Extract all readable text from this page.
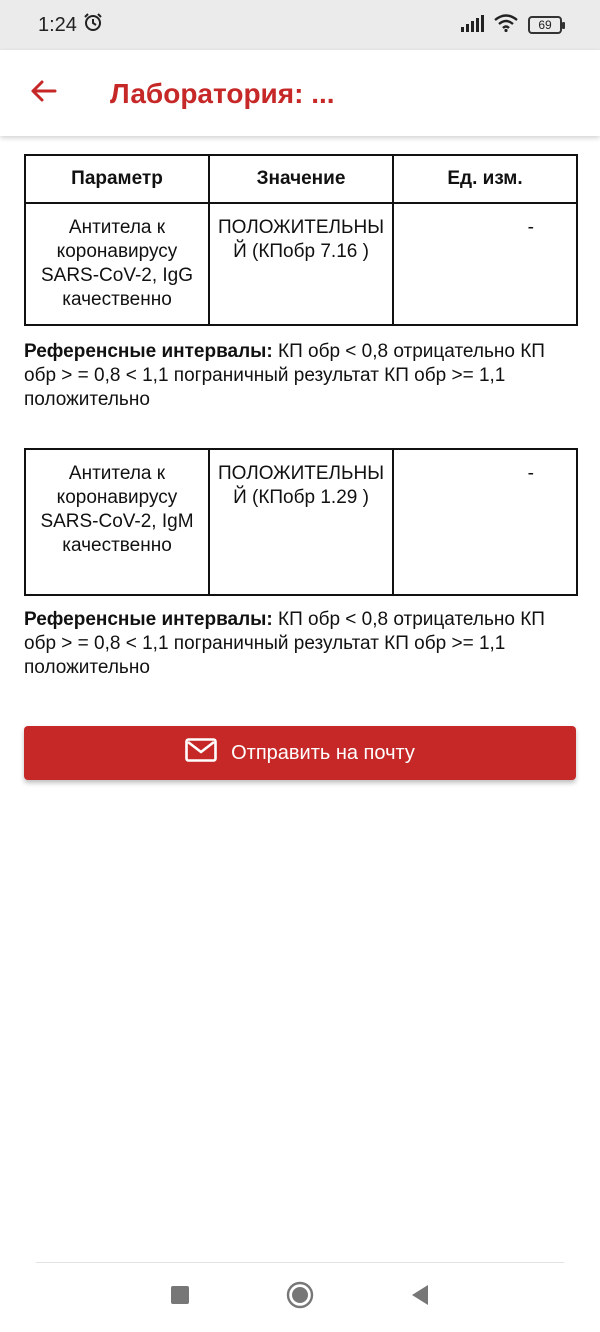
1:24	69
Лаборатория: ...
Параметр	Значение	Ед. изм.
Антитела к коронавирусу SARS-CoV-2, IgG качественно	ПОЛОЖИТЕЛЬНЫЙ (КПобр 7.16 )	-
Референсные интервалы: КП обр < 0,8 отрицательно КП обр > = 0,8 < 1,1 пограничный результат КП обр >= 1,1 положительно
Антитела к коронавирусу SARS-CoV-2, IgM качественно	ПОЛОЖИТЕЛЬНЫЙ (КПобр 1.29 )	-
Референсные интервалы: КП обр < 0,8 отрицательно КП обр > = 0,8 < 1,1 пограничный результат КП обр >= 1,1 положительно
Отправить на почту
